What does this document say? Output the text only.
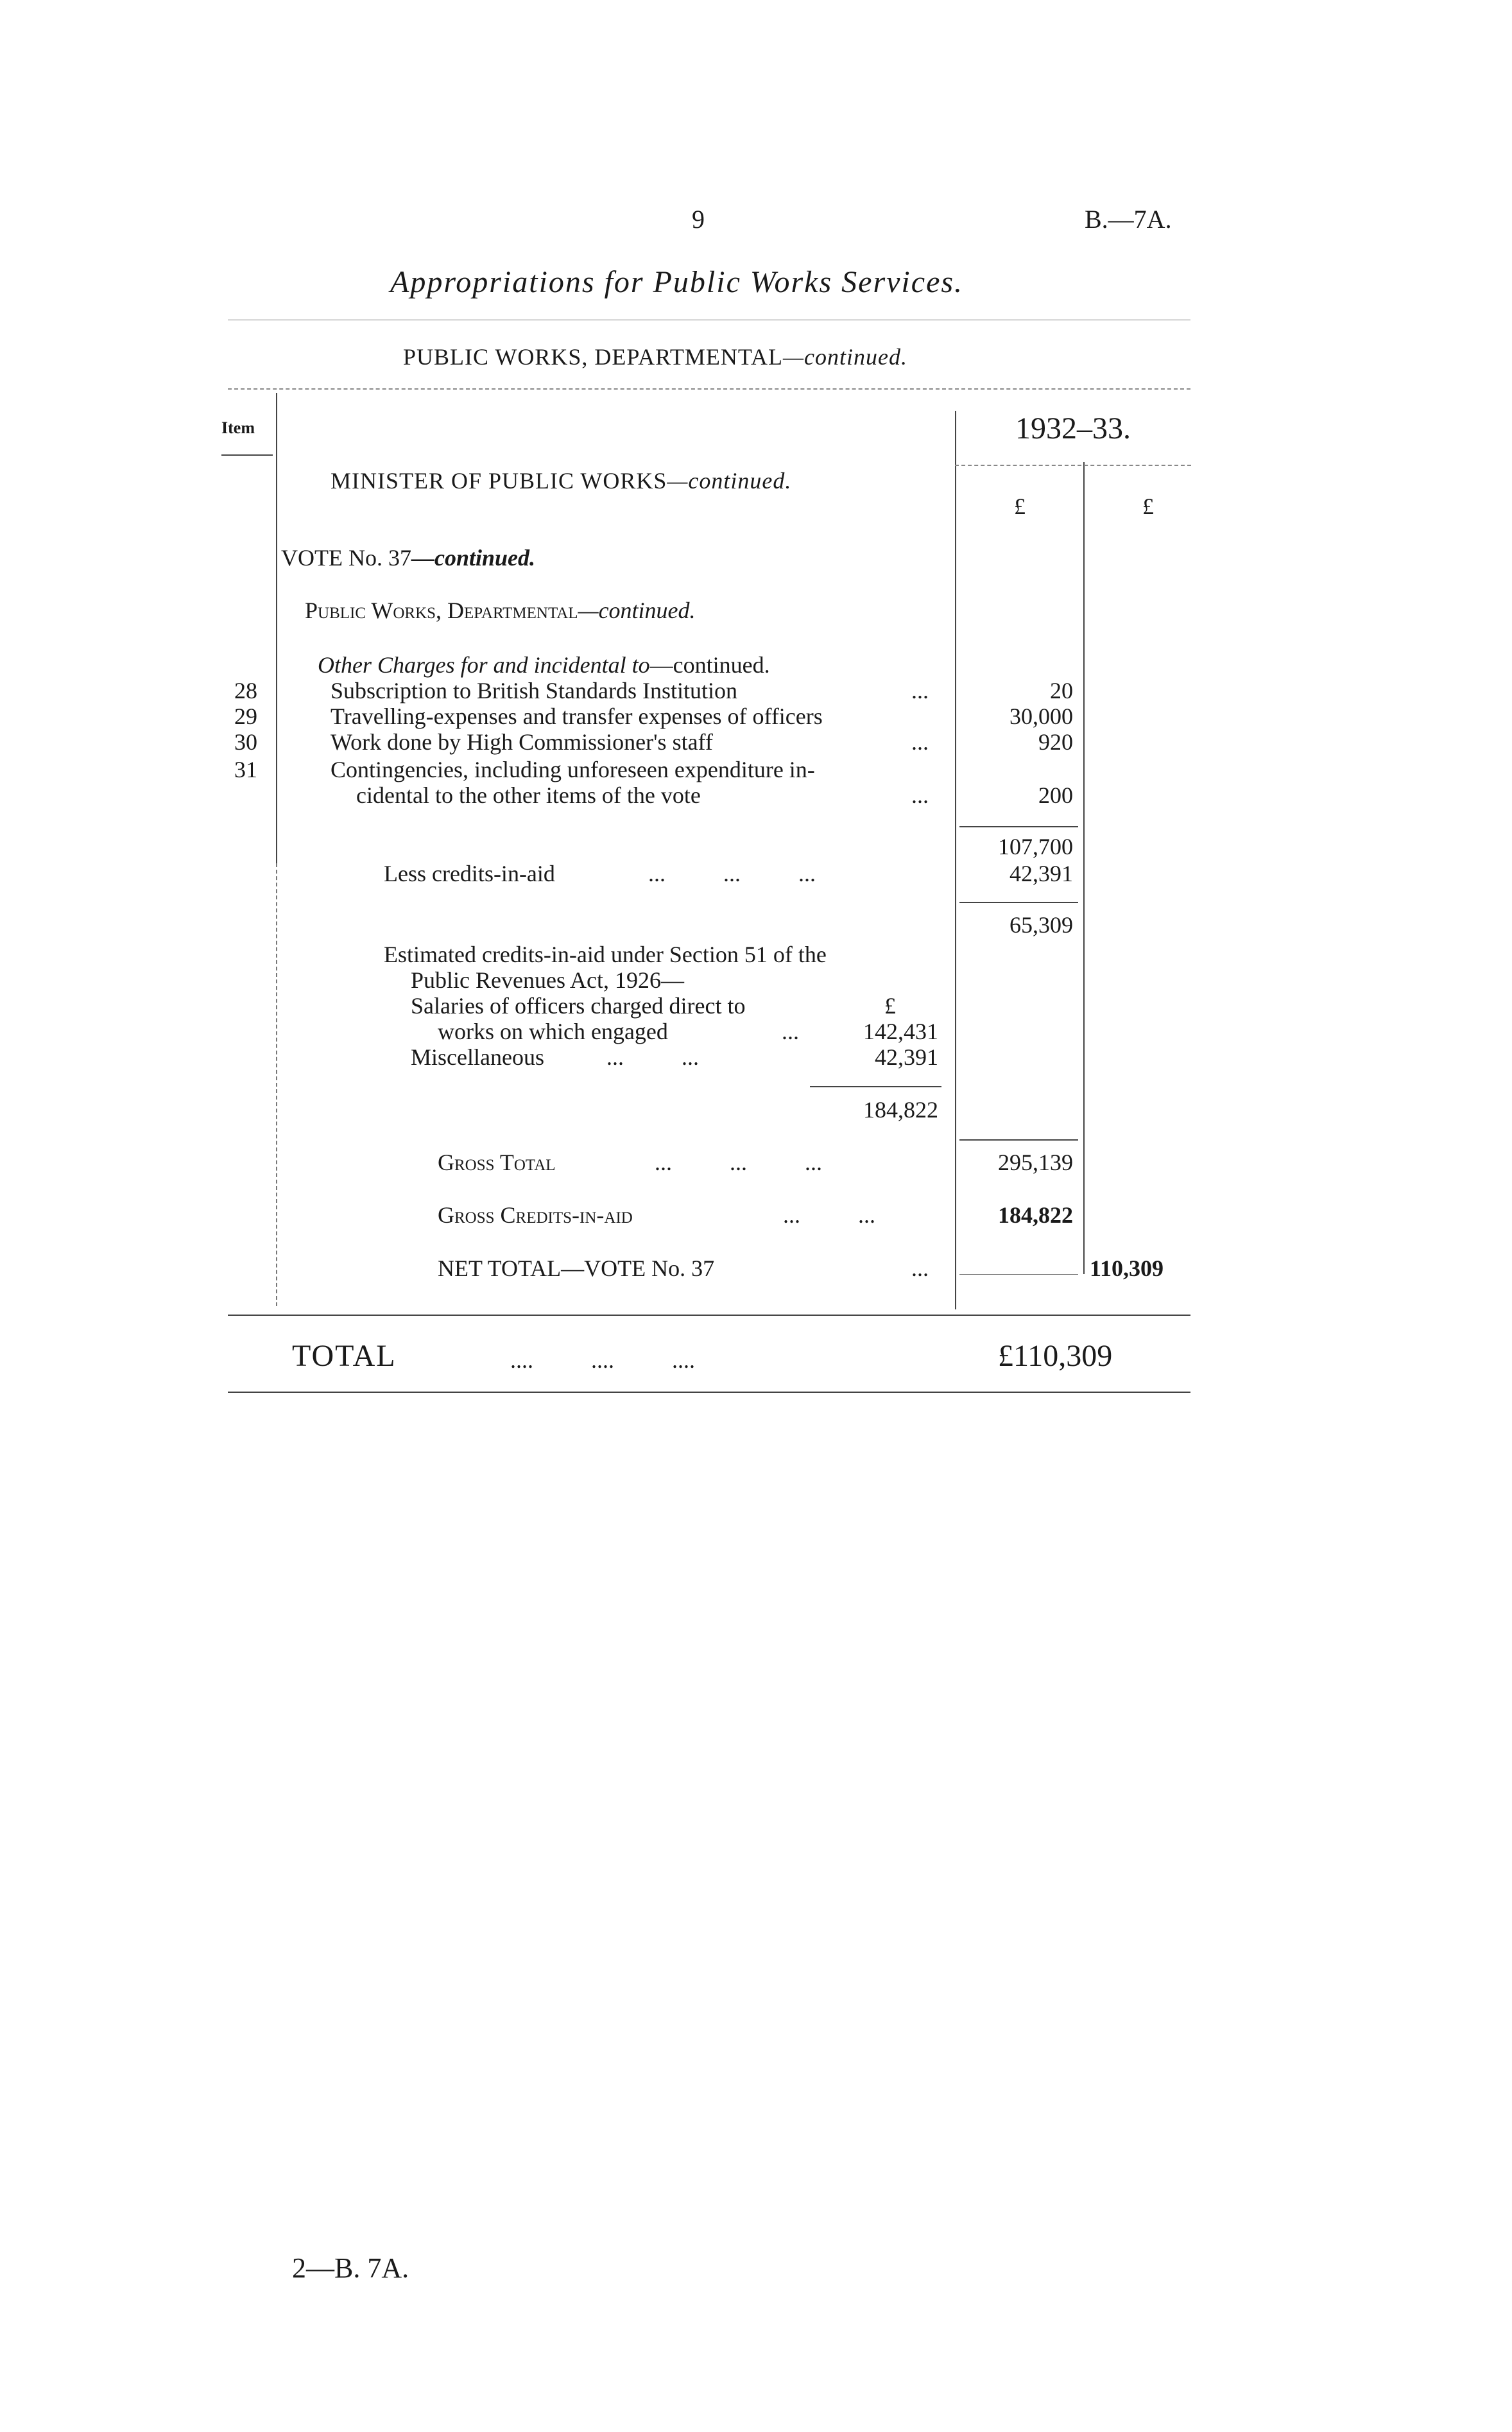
9	B.—7A.
Appropriations for Public Works Services.
PUBLIC WORKS, DEPARTMENTAL—continued.
Item	1932–33.
£	£
MINISTER OF PUBLIC WORKS—continued.
VOTE No. 37—continued.
Public Works, Departmental—continued.
Other Charges for and incidental to—continued.
28	Subscription to British Standards Institution	...	20
29	Travelling-expenses and transfer expenses of officers	30,000
30	Work done by High Commissioner's staff	...	920
31	Contingencies, including unforeseen expenditure in-
cidental to the other items of the vote	...	200
107,700
Less credits-in-aid	...          ...          ...	42,391
65,309
Estimated credits-in-aid under Section 51 of the
Public Revenues Act, 1926—
Salaries of officers charged direct to	£
works on which engaged	...	142,431
Miscellaneous	...          ...	42,391
184,822
Gross Total	...          ...          ...	295,139
Gross Credits-in-aid	...          ...	184,822
NET TOTAL—VOTE No. 37	...	110,309
TOTAL	....          ....          ....	£110,309
2—B. 7A.
